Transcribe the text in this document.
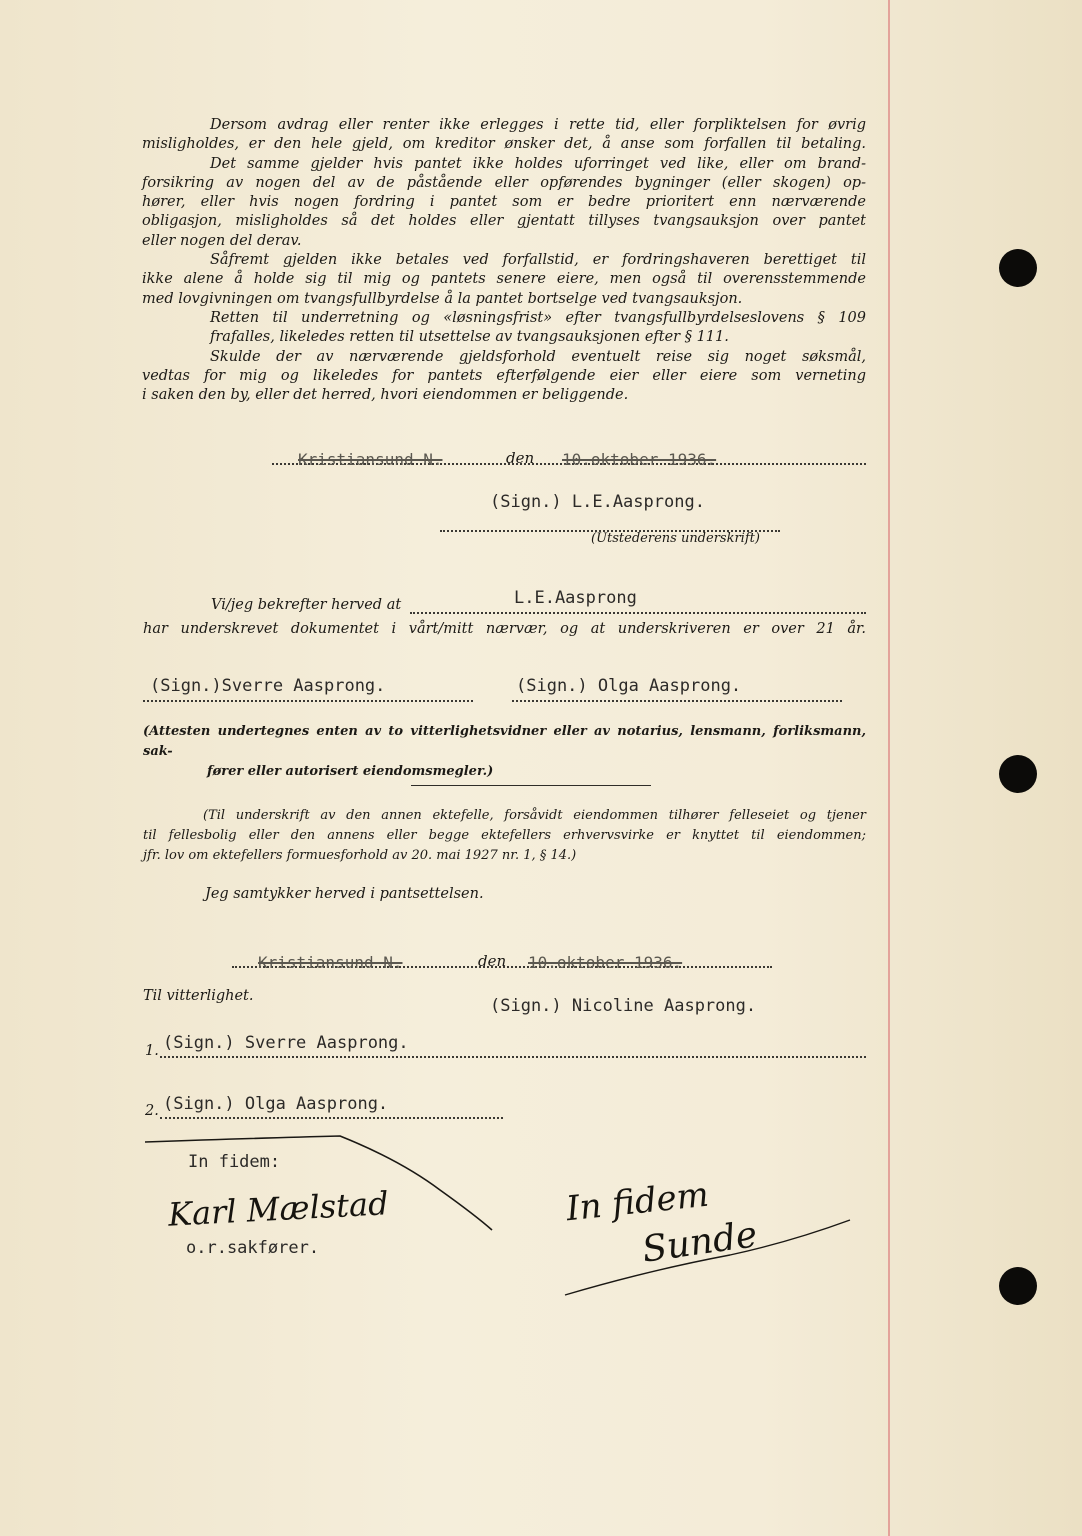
Dersom avdrag eller renter ikke erlegges i rette tid, eller forpliktelsen for øvrig
misligholdes, er den hele gjeld, om kreditor ønsker det, å anse som forfallen til betaling.
Det samme gjelder hvis pantet ikke holdes uforringet ved like, eller om brand-
forsikring av nogen del av de påstående eller opførendes bygninger (eller skogen) op-
hører, eller hvis nogen fordring i pantet som er bedre prioritert enn nærværende
obligasjon, misligholdes så det holdes eller gjentatt tillyses tvangsauksjon over pantet
eller nogen del derav.
Såfremt gjelden ikke betales ved forfallstid, er fordringshaveren berettiget til
ikke alene å holde sig til mig og pantets senere eiere, men også til overensstemmende
med lovgivningen om tvangsfullbyrdelse å la pantet bortselge ved tvangsauksjon.
Retten til underretning og «løsningsfrist» efter tvangsfullbyrdelseslovens § 109
frafalles, likeledes retten til utsettelse av tvangsauksjonen efter § 111.
Skulde der av nærværende gjeldsforhold eventuelt reise sig noget søksmål,
vedtas for mig og likeledes for pantets efterfølgende eier eller eiere som verneting
i saken den by, eller det herred, hvori eiendommen er beliggende.
Kristiansund N.	den 10.oktober 1936.
(Sign.) L.E.Aasprong.
(Utstederens underskrift)
Vi/jeg bekrefter herved at	L.E.Aasprong
har underskrevet dokumentet i vårt/mitt nærvær, og at underskriveren er over 21 år.
(Sign.)Sverre Aasprong.	(Sign.) Olga Aasprong.
(Attesten undertegnes enten av to vitterlighetsvidner eller av notarius, lensmann, forliksmann, sak-
fører eller autorisert eiendomsmegler.)
(Til underskrift av den annen ektefelle, forsåvidt eiendommen tilhører felleseiet og tjener
til fellesbolig eller den annens eller begge ektefellers erhvervsvirke er knyttet til eiendommen;
jfr. lov om ektefellers formuesforhold av 20. mai 1927 nr. 1, § 14.)
Jeg samtykker herved i pantsettelsen.
Kristiansund N.	den 10.oktober 1936.
Til vitterlighet.	(Sign.) Nicoline Aasprong.
1. (Sign.) Sverre Aasprong.
2. (Sign.) Olga Aasprong.
In fidem:
Karl Mælstad
o.r.sakfører.
In fidem
Sunde
